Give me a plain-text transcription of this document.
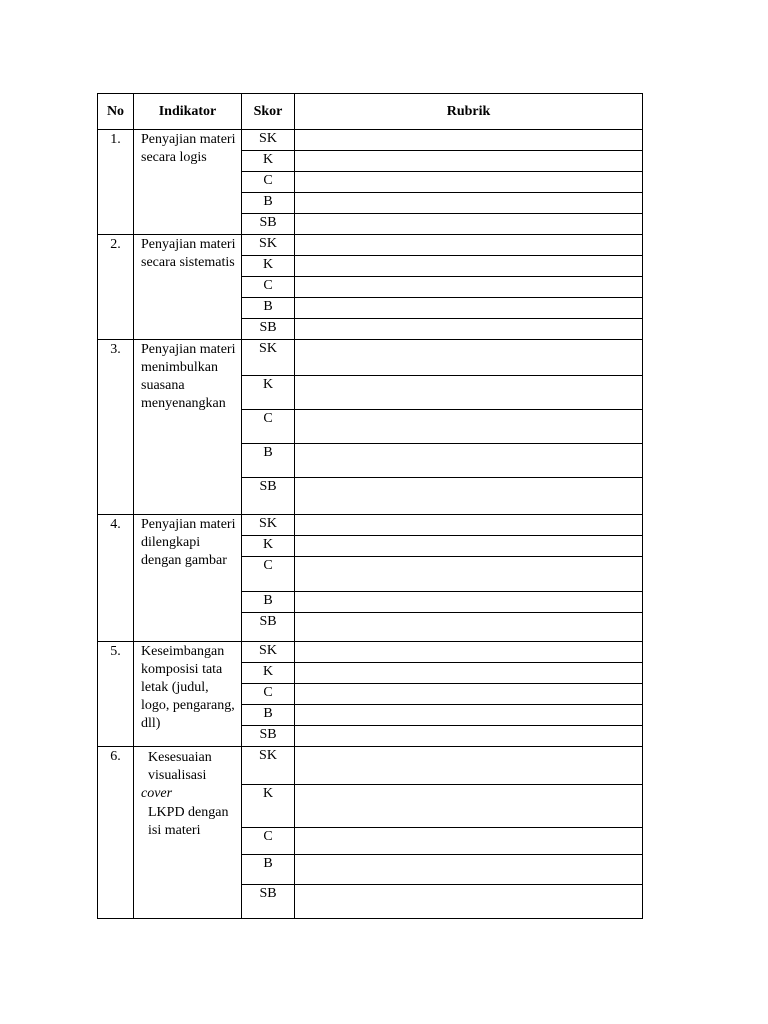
No	Indikator	Skor	Rubrik

1.	Penyajian materi secara logis	SK	
		K	
		C	
		B	
		SB	

2.	Penyajian materi secara sistematis	SK	
		K	
		C	
		B	
		SB	

3.	Penyajian materi menimbulkan suasana menyenangkan	SK	
		K	
		C	
		B	
		SB	

4.	Penyajian materi dilengkapi dengan gambar	SK	
		K	
		C	
		B	
		SB	

5.	Keseimbangan komposisi tata letak (judul, logo, pengarang, dll)	SK	
		K	
		C	
		B	
		SB	

6.	Kesesuaian visualisasi
cover
LKPD dengan isi materi	SK	
		K	
		C	
		B	
		SB	
